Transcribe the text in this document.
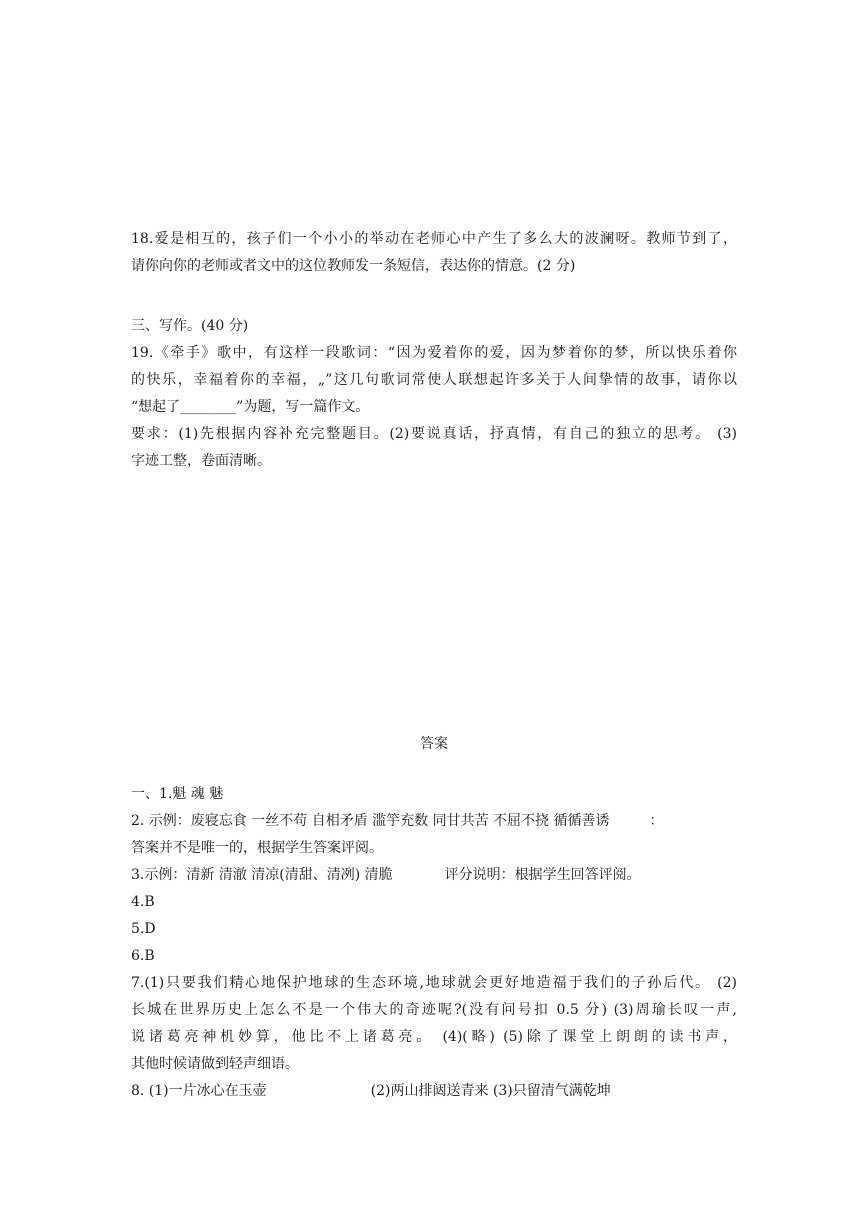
18.爱是相互的，孩子们一个小小的举动在老师心中产生了多么大的波澜呀。教师节到了，
请你向你的老师或者文中的这位教师发一条短信，表达你的情意。(2 分)
三、写作。(40 分)
19.《牵手》歌中，有这样一段歌词：“因为爱着你的爱，因为梦着你的梦，所以快乐着你
的快乐，幸福着你的幸福，„”这几句歌词常使人联想起许多关于人间挚情的故事，请你以
“想起了________”为题，写一篇作文。
要求：(1)先根据内容补充完整题目。(2)要说真话，抒真情，有自己的独立的思考。 (3)
字迹工整，卷面清晰。
答案
一、1.魁 魂 魅
2. 示例：废寝忘食 一丝不苟 自相矛盾 滥竽充数 同甘共苦 不屈不挠 循循善诱	：
答案并不是唯一的，根据学生答案评阅。
3.示例：清新 清澈 清凉(清甜、清冽) 清脆	评分说明：根据学生回答评阅。
4.B
5.D
6.B
7.(1)只要我们精心地保护地球的生态环境,地球就会更好地造福于我们的子孙后代。 (2)
长城在世界历史上怎么不是一个伟大的奇迹呢?(没有问号扣 0.5 分) (3)周瑜长叹一声,
说诸葛亮神机妙算，他比不上诸葛亮。 (4)(略) (5)除了课堂上朗朗的读书声，
其他时候请做到轻声细语。
8. (1)一片冰心在玉壶	(2)两山排闼送青来 (3)只留清气满乾坤
